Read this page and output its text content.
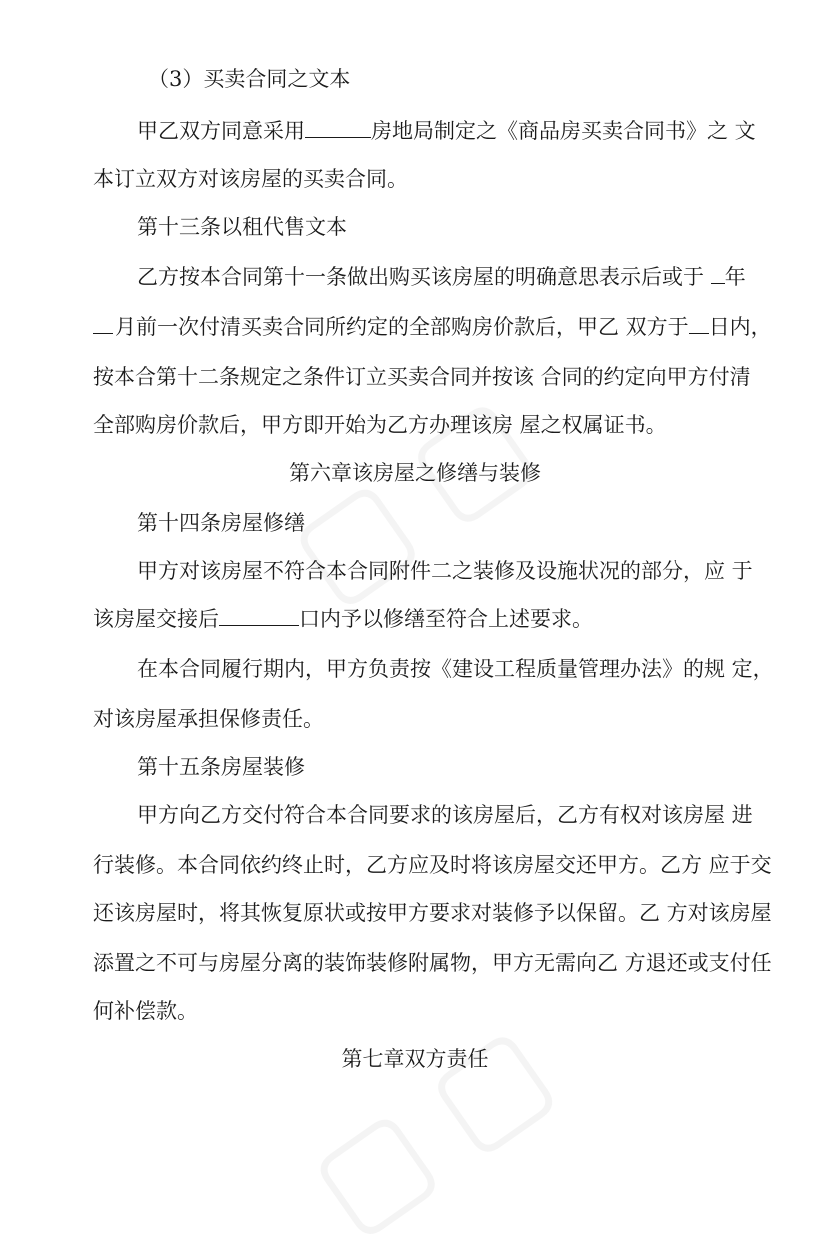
（3）买卖合同之文本

甲乙双方同意采用	房地局制定之《商品房买卖合同书》之 文

本订立双方对该房屋的买卖合同。

第十三条以租代售文本

乙方按本合同第十一条做出购买该房屋的明确意思表示后或于 年

月前一次付清买卖合同所约定的全部购房价款后，甲乙 双方于 日内，

按本合第十二条规定之条件订立买卖合同并按该 合同的约定向甲方付清

全部购房价款后，甲方即开始为乙方办理该房 屋之权属证书。

第六章该房屋之修缮与装修

第十四条房屋修缮

甲方对该房屋不符合本合同附件二之装修及设施状况的部分，应 于

该房屋交接后	口内予以修缮至符合上述要求。

在本合同履行期内，甲方负责按《建设工程质量管理办法》的规 定，

对该房屋承担保修责任。

第十五条房屋装修

甲方向乙方交付符合本合同要求的该房屋后，乙方有权对该房屋 进

行装修。本合同依约终止时，乙方应及时将该房屋交还甲方。乙方 应于交

还该房屋时，将其恢复原状或按甲方要求对装修予以保留。乙 方对该房屋

添置之不可与房屋分离的装饰装修附属物，甲方无需向乙 方退还或支付任

何补偿款。

第七章双方责任
